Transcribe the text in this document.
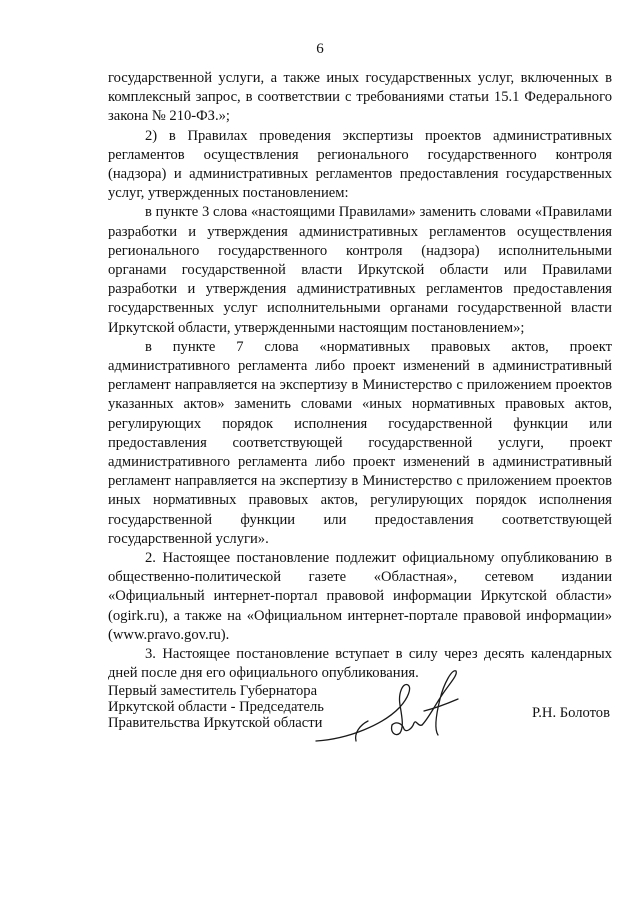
6

государственной услуги, а также иных государственных услуг, включенных в комплексный запрос, в соответствии с требованиями статьи 15.1 Федерального закона № 210-ФЗ.»;

2) в Правилах проведения экспертизы проектов административных регламентов осуществления регионального государственного контроля (надзора) и административных регламентов предоставления государственных услуг, утвержденных постановлением:

в пункте 3 слова «настоящими Правилами» заменить словами «Правилами разработки и утверждения административных регламентов осуществления регионального государственного контроля (надзора) исполнительными органами государственной власти Иркутской области или Правилами разработки и утверждения административных регламентов предоставления государственных услуг исполнительными органами государственной власти Иркутской области, утвержденными настоящим постановлением»;

в пункте 7 слова «нормативных правовых актов, проект административного регламента либо проект изменений в административный регламент направляется на экспертизу в Министерство с приложением проектов указанных актов» заменить словами «иных нормативных правовых актов, регулирующих порядок исполнения государственной функции или предоставления соответствующей государственной услуги, проект административного регламента либо проект изменений в административный регламент направляется на экспертизу в Министерство с приложением проектов иных нормативных правовых актов, регулирующих порядок исполнения государственной функции или предоставления соответствующей государственной услуги».

2. Настоящее постановление подлежит официальному опубликованию в общественно-политической газете «Областная», сетевом издании «Официальный интернет-портал правовой информации Иркутской области» (ogirk.ru), а также на «Официальном интернет-портале правовой информации» (www.pravo.gov.ru).

3. Настоящее постановление вступает в силу через десять календарных дней после дня его официального опубликования.

Первый заместитель Губернатора
Иркутской области - Председатель
Правительства Иркутской области
Р.Н. Болотов
